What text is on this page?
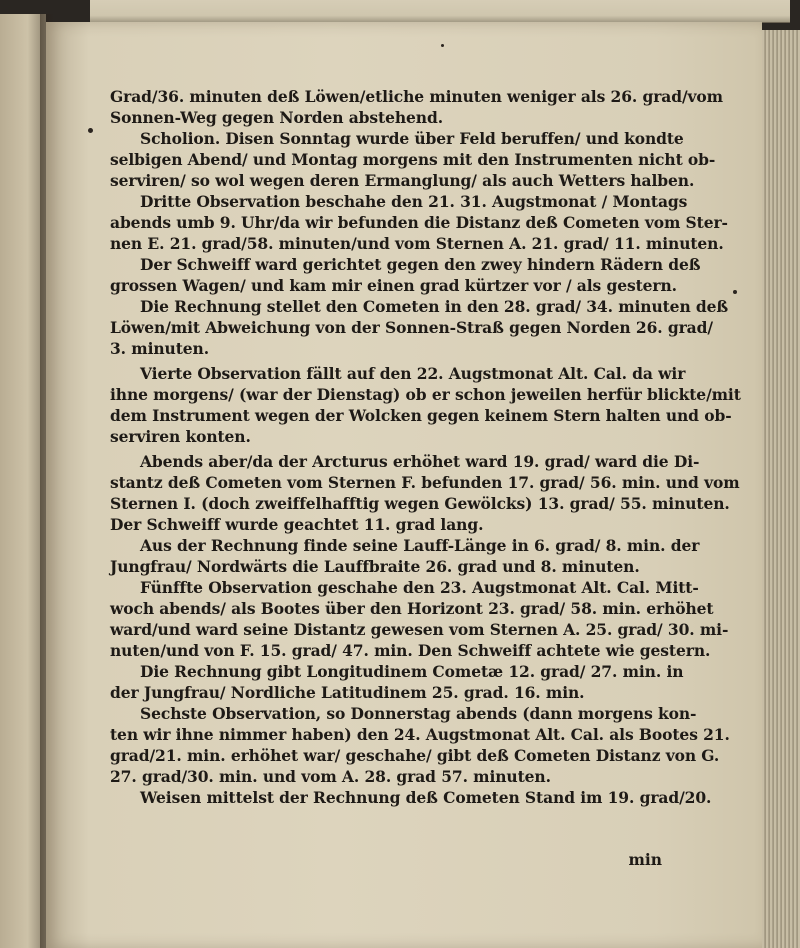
Grad/36. minuten deß Löwen/etliche minuten weniger als 26. grad/vom
Sonnen-Weg gegen Norden abstehend.
Scholion. Disen Sonntag wurde über Feld beruffen/ und kondte
selbigen Abend/ und Montag morgens mit den Instrumenten nicht ob-
serviren/ so wol wegen deren Ermanglung/ als auch Wetters halben.
Dritte Observation beschahe den 21. 31. Augstmonat / Montags
abends umb 9. Uhr/da wir befunden die Distanz deß Cometen vom Ster-
nen E. 21. grad/58. minuten/und vom Sternen A. 21. grad/ 11. minuten.
Der Schweiff ward gerichtet gegen den zwey hindern Rädern deß
grossen Wagen/ und kam mir einen grad kürtzer vor / als gestern.
Die Rechnung stellet den Cometen in den 28. grad/ 34. minuten deß
Löwen/mit Abweichung von der Sonnen-Straß gegen Norden 26. grad/
3. minuten.
Vierte Observation fällt auf den 22. Augstmonat Alt. Cal. da wir
ihne morgens/ (war der Dienstag) ob er schon jeweilen herfür blickte/mit
dem Instrument wegen der Wolcken gegen keinem Stern halten und ob-
serviren konten.
Abends aber/da der Arcturus erhöhet ward 19. grad/ ward die Di-
stantz deß Cometen vom Sternen F. befunden 17. grad/ 56. min. und vom
Sternen I. (doch zweiffelhafftig wegen Gewölcks) 13. grad/ 55. minuten.
Der Schweiff wurde geachtet 11. grad lang.
Aus der Rechnung finde seine Lauff-Länge in 6. grad/ 8. min. der
Jungfrau/ Nordwärts die Lauffbraite 26. grad und 8. minuten.
Fünffte Observation geschahe den 23. Augstmonat Alt. Cal. Mitt-
woch abends/ als Bootes über den Horizont 23. grad/ 58. min. erhöhet
ward/und ward seine Distantz gewesen vom Sternen A. 25. grad/ 30. mi-
nuten/und von F. 15. grad/ 47. min. Den Schweiff achtete wie gestern.
Die Rechnung gibt Longitudinem Cometæ 12. grad/ 27. min. in
der Jungfrau/ Nordliche Latitudinem 25. grad. 16. min.
Sechste Observation, so Donnerstag abends (dann morgens kon-
ten wir ihne nimmer haben) den 24. Augstmonat Alt. Cal. als Bootes 21.
grad/21. min. erhöhet war/ geschahe/ gibt deß Cometen Distanz von G.
27. grad/30. min. und vom A. 28. grad 57. minuten.
Weisen mittelst der Rechnung deß Cometen Stand im 19. grad/20.
min
